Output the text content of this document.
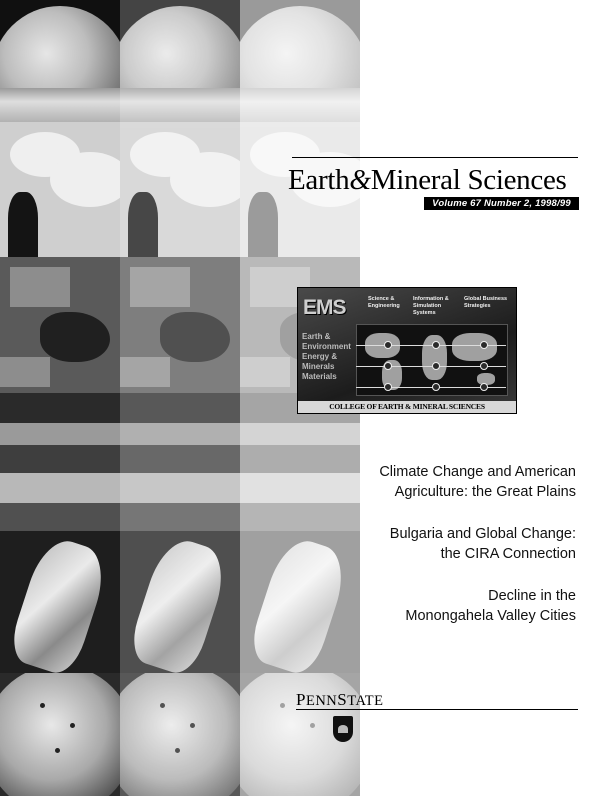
Earth&Mineral Sciences
Volume 67 Number 2, 1998/99
EMS	Science & Engineering
Information & Simulation Systems
Global Business Strategies
Earth & Environment
Energy & Minerals
Materials
COLLEGE OF EARTH & MINERAL SCIENCES
Climate Change and American
Agriculture: the Great Plains
Bulgaria and Global Change:
the CIRA Connection
Decline in the
Monongahela Valley Cities
PENNSTATE
